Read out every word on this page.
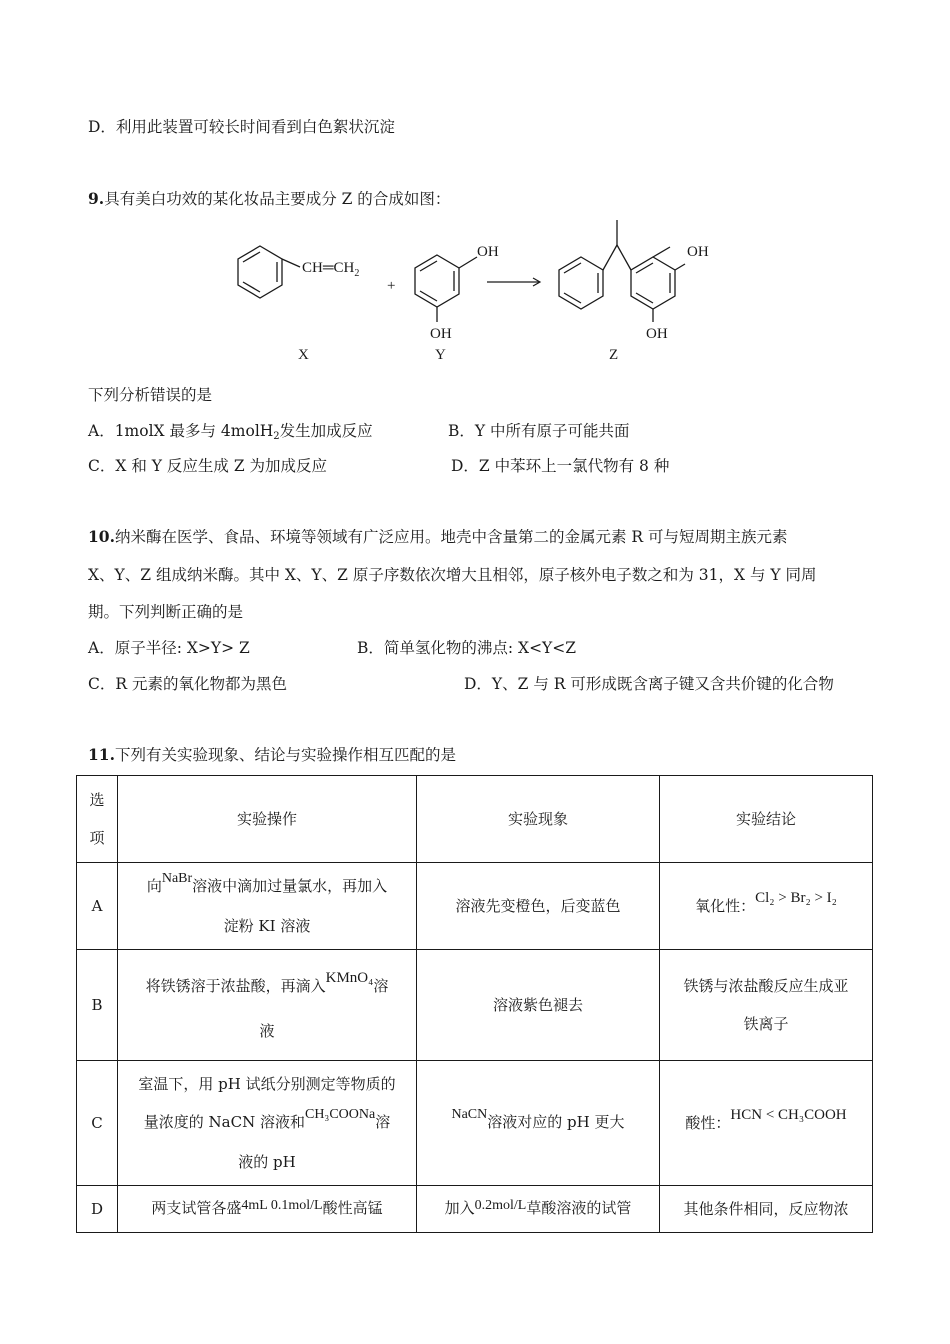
D．利用此装置可较长时间看到白色絮状沉淀
9.具有美白功效的某化妆品主要成分 Z 的合成如图：
$CH═CH_2$
+
OH
OH
OH
OH
X	Y	Z
下列分析错误的是
A．1molX 最多与 4molH$_2$发生加成反应	B．Y 中所有原子可能共面
C．X 和 Y 反应生成 Z 为加成反应	D．Z 中苯环上一氯代物有 8 种
10.纳米酶在医学、食品、环境等领域有广泛应用。地壳中含量第二的金属元素 R 可与短周期主族元素
X、Y、Z 组成纳米酶。其中 X、Y、Z 原子序数依次增大且相邻，原子核外电子数之和为 31，X 与 Y 同周
期。下列判断正确的是
A．原子半径: X>Y> Z	B．简单氢化物的沸点: X<Y<Z
C．R 元素的氧化物都为黑色	D．Y、Z 与 R 可形成既含离子键又含共价键的化合物
11.下列有关实验现象、结论与实验操作相互匹配的是
选
项	实验操作	实验现象	实验结论
A	向NaBr溶液中滴加过量氯水，再加入
淀粉 KI 溶液	溶液先变橙色，后变蓝色	氧化性：Cl₂ > Br₂ > I₂
B	将铁锈溶于浓盐酸，再滴入KMnO₄溶
液	溶液紫色褪去	铁锈与浓盐酸反应生成亚
铁离子

C	室温下，用 pH 试纸分别测定等物质的
量浓度的 NaCN 溶液和CH₃COONa溶
液的 pH	NaCN溶液对应的 pH 更大	酸性：HCN < CH₃COOH
D	两支试管各盛4mL 0.1mol/L酸性高锰	加入0.2mol/L草酸溶液的试管	其他条件相同，反应物浓
